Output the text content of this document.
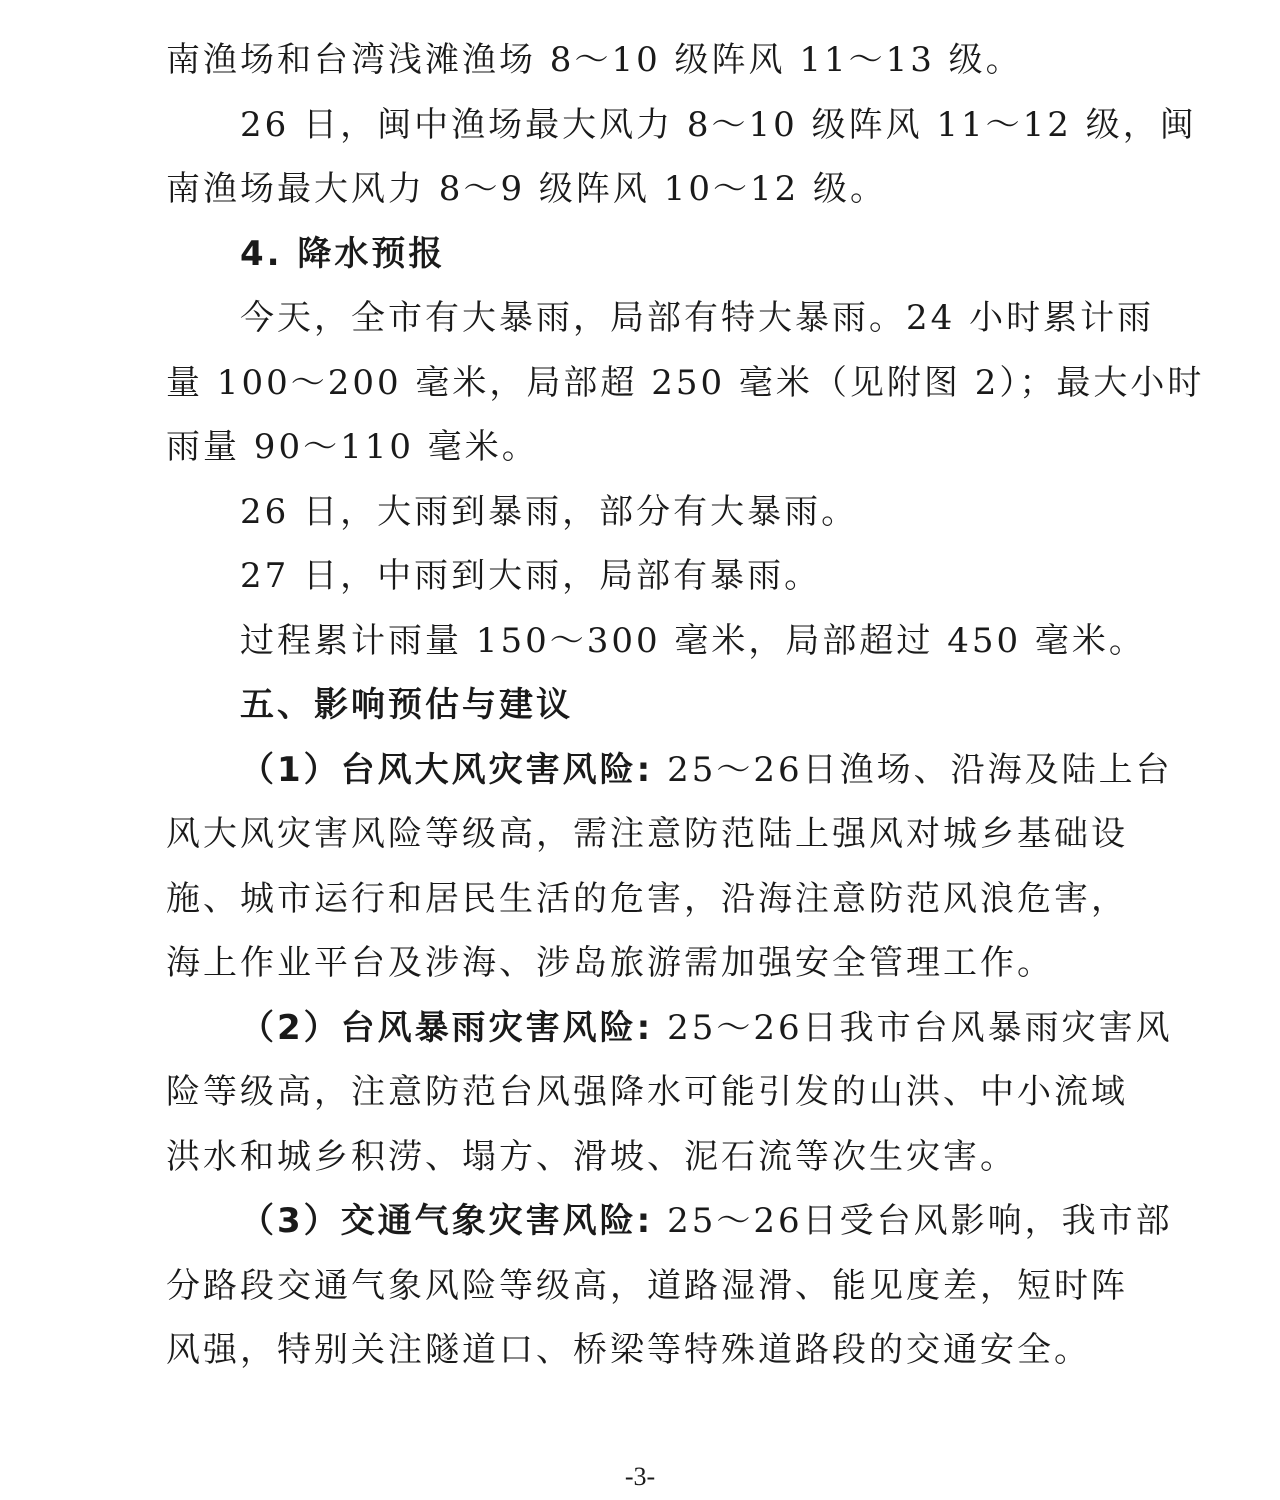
南渔场和台湾浅滩渔场 8～10 级阵风 11～13 级。
26 日，闽中渔场最大风力 8～10 级阵风 11～12 级，闽
南渔场最大风力 8～9 级阵风 10～12 级。
4. 降水预报
今天，全市有大暴雨，局部有特大暴雨。24 小时累计雨
量 100～200 毫米，局部超 250 毫米（见附图 2）；最大小时
雨量 90～110 毫米。
26 日，大雨到暴雨，部分有大暴雨。
27 日，中雨到大雨，局部有暴雨。
过程累计雨量 150～300 毫米，局部超过 450 毫米。
五、影响预估与建议
（1）台风大风灾害风险: 25～26日渔场、沿海及陆上台
风大风灾害风险等级高，需注意防范陆上强风对城乡基础设
施、城市运行和居民生活的危害，沿海注意防范风浪危害，
海上作业平台及涉海、涉岛旅游需加强安全管理工作。
（2）台风暴雨灾害风险: 25～26日我市台风暴雨灾害风
险等级高，注意防范台风强降水可能引发的山洪、中小流域
洪水和城乡积涝、塌方、滑坡、泥石流等次生灾害。
（3）交通气象灾害风险: 25～26日受台风影响，我市部
分路段交通气象风险等级高，道路湿滑、能见度差，短时阵
风强，特别关注隧道口、桥梁等特殊道路段的交通安全。
-3-
